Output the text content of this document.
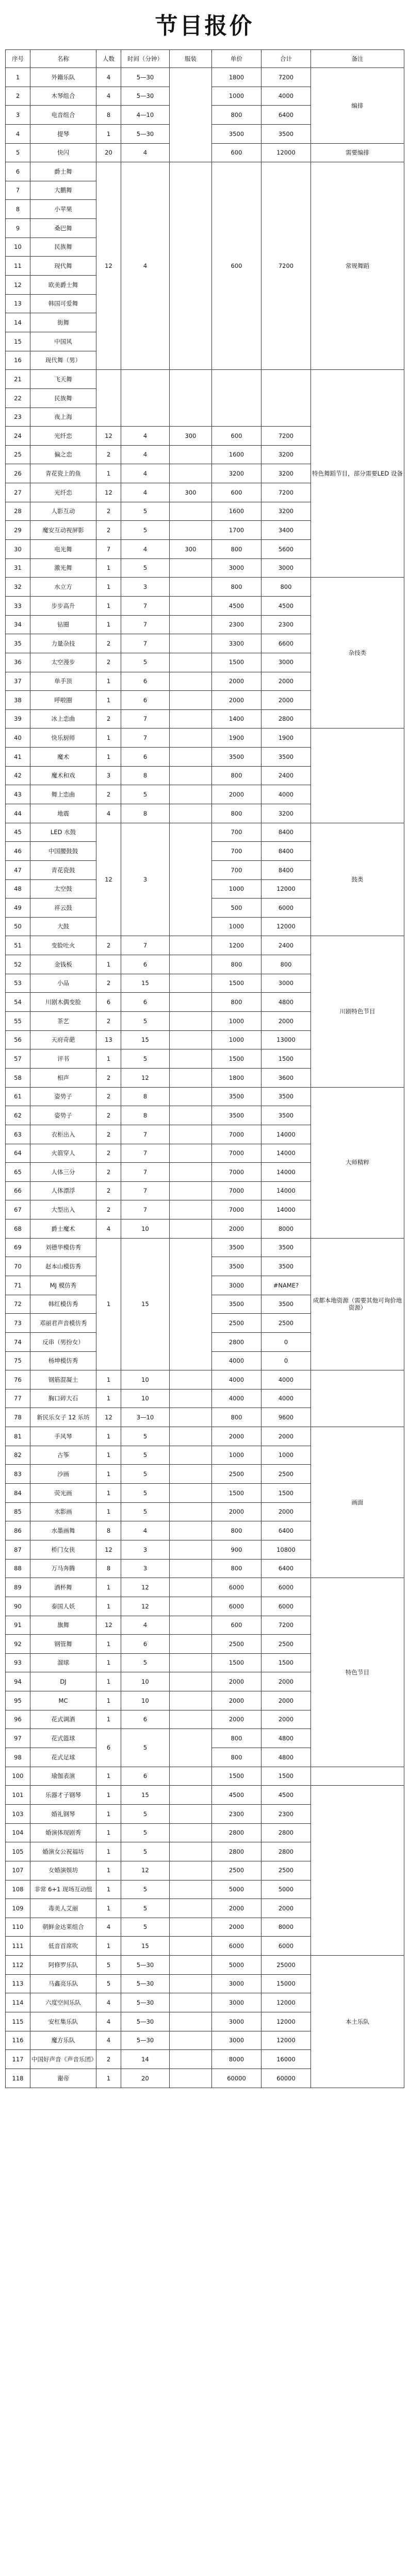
节目报价
序号	名称	人数	时间（分钟）	服装	单价	合计	备注
1	外籍乐队	4	5—30		1800	7200	编排
2	木琴组合	4	5—30		1000	4000	
3	电音组合	8	4—10		800	6400	
4	提琴	1	5—30		3500	3500	
5	快闪	20	4		600	12000	需要编排
6	爵士舞	12	4		600	7200	常规舞蹈
7	大鹏舞						
8	小苹果						
9	桑巴舞						
10	民族舞						
11	现代舞						
12	欧美爵士舞						
13	韩国可爱舞						
14	街舞						
15	中国风						
16	现代舞（男）						
21	飞天舞						特色舞蹈节目，部分需要LED 设备
22	民族舞						
23	夜上海						
24	光纤恋	12	4	300	600	7200	
25	偏之恋	2	4		1600	3200	
26	青花瓷上的鱼	1	4		3200	3200	
27	光纤恋	12	4	300	600	7200	
28	人影互动	2	5		1600	3200	
29	魔安互动视屏影	2	5		1700	3400	
30	电光舞	7	4	300	800	5600	
31	激光舞	1	5		3000	3000	
32	水立方	1	3		800	800	杂技类
33	步步高升	1	7		4500	4500	
34	钻圈	1	7		2300	2300	
35	力量杂技	2	7		3300	6600	
36	太空漫步	2	5		1500	3000	
37	单手顶	1	6		2000	2000	
38	呼啦圈	1	6		2000	2000	
39	冰上恋曲	2	7		1400	2800	
40	快乐厨师	1	7		1900	1900	
41	魔术	1	6		3500	3500	
42	魔术和戏	3	8		800	2400	
43	舞上恋曲	2	5		2000	4000	
44	地震	4	8		800	3200	
45	LED 水鼓	12	3		700	8400	鼓类
46	中国腰鼓鼓				700	8400	
47	青花瓷鼓				700	8400	
48	太空鼓				1000	12000	
49	祥云鼓				500	6000	
50	大鼓				1000	12000	
51	变脸吐火	2	7		1200	2400	川剧特色节目
52	金钱板	1	6		800	800	
53	小品	2	15		1500	3000	
54	川剧木偶变脸	6	6		800	4800	
55	茶艺	2	5		1000	2000	
56	天府奇葩	13	15		1000	13000	
57	评书	1	5		1500	1500	
58	相声	2	12		1800	3600	
61	姿势子	2	8		3500	3500	大师精粹
62	姿势子	2	8		3500	3500	
63	衣柜出入	2	7		7000	14000	
64	火箭穿人	2	7		7000	14000	
65	人体三分	2	7		7000	14000	
66	人体漂浮	2	7		7000	14000	
67	大型出入	2	7		7000	14000	
68	爵士魔术	4	10		2000	8000	
69	刘德华模仿秀	1	15		3500	3500	成都本地资源（需要其他可询价地资源）
70	赵本山模仿秀				3500	3500	
71	MJ 模仿秀				3000	#NAME?	
72	韩红模仿秀				3500	3500	
73	邓丽君声音模仿秀				2500	2500	
74	反串（男扮女）				2800	0	
75	杨坤模仿秀				4000	0	
76	钢筋混凝土	1	10		4000	4000	
77	胸口碎大石	1	10		4000	4000	
78	新民乐女子 12 乐坊	12	3—10		800	9600	
81	手风琴	1	5		2000	2000	画面
82	古筝	1	5		1000	1000	
83	沙画	1	5		2500	2500	
84	荧光画	1	5		1500	1500	
85	水影画	1	5		2000	2000	
86	水墨画舞	8	4		800	6400	
87	桥门女侠	12	3		900	10800	
88	万马奔腾	8	3		800	6400	
89	酒杯舞	1	12		6000	6000	特色节目
90	泰国人妖	1	12		6000	6000	
91	旗舞	12	4		600	7200	
92	钢管舞	1	6		2500	2500	
93	溜球	1	5		1500	1500	
94	DJ	1	10		2000	2000	
95	MC	1	10		2000	2000	
96	花式调酒	1	6		2000	2000	
97	花式篮球	6	5		800	4800	
98	花式足球				800	4800	
100	瑜伽表演	1	6		1500	1500	
101	乐器才子钢琴	1	15		4500	4500	
103	婚礼钢琴	1	5		2300	2300	
104	婚演体现剧秀	1	5		2800	2800	
105	婚演女公祝福坊	1	5		2800	2800	
107	女婚演娱坊	1	12		2500	2500	
108	非常 6+1 现场互动组	1	5		5000	5000	
109	毒美人艾丽	1	5		2000	2000	
110	朝鲜金达莱组合	4	5		2000	8000	
111	低音首席吹	1	15		6000	6000	
112	阿修罗乐队	5	5—30		5000	25000	本土乐队
113	马鑫亮乐队	5	5—30		3000	15000	
114	六度空间乐队	4	5—30		3000	12000	
115	安杠集乐队	4	5—30		3000	12000	
116	魔方乐队	4	5—30		3000	12000	
117	中国好声音《声音乐团》	2	14		8000	16000	
118	谢帝	1	20		60000	60000	
